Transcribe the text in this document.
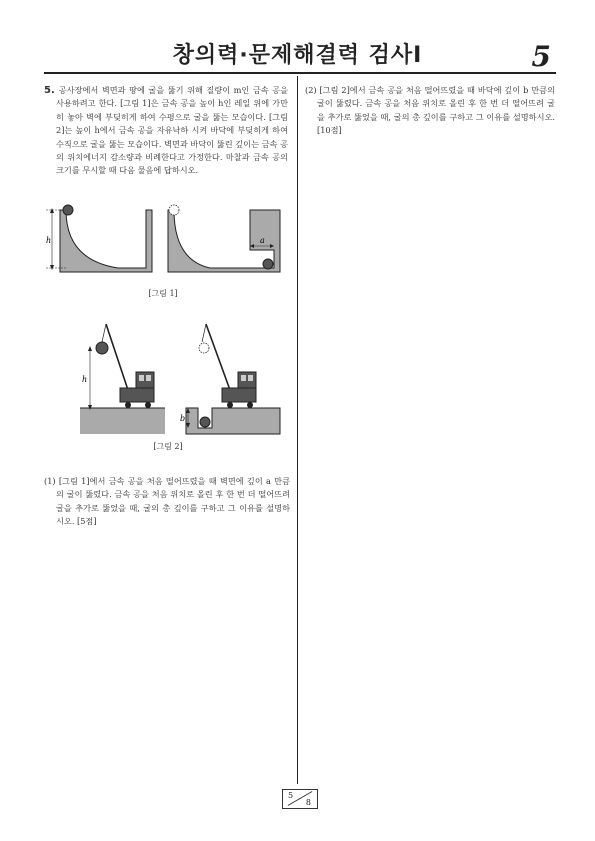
창의력·문제해결력 검사Ⅰ	5

5. 공사장에서 벽면과 땅에 굴을 뚫기 위해 질량이 m인 금속 공을 사용하려고 한다. [그림 1]은 금속 공을 높이 h인 레일 위에 가만히 놓아 벽에 부딪히게 하여 수평으로 굴을 뚫는 모습이다. [그림 2]는 높이 h에서 금속 공을 자유낙하 시켜 바닥에 부딪히게 하여 수직으로 굴을 뚫는 모습이다. 벽면과 바닥이 뚫린 깊이는 금속 공의 위치에너지 감소량과 비례한다고 가정한다. 마찰과 금속 공의 크기를 무시할 때 다음 물음에 답하시오.

h	a
[그림 1]
h
b
[그림 2]

(1) [그림 1]에서 금속 공을 처음 떨어뜨렸을 때 벽면에 깊이 a 만큼의 굴이 뚫렸다. 금속 공을 처음 위치로 올린 후 한 번 더 떨어뜨려 굴을 추가로 뚫었을 때, 굴의 총 깊이를 구하고 그 이유를 설명하시오. [5점]

(2) [그림 2]에서 금속 공을 처음 떨어뜨렸을 때 바닥에 깊이 b 만큼의 굴이 뚫렸다. 금속 공을 처음 위치로 올린 후 한 번 더 떨어뜨려 굴을 추가로 뚫었을 때, 굴의 총 깊이를 구하고 그 이유를 설명하시오. [10점]

5
8
